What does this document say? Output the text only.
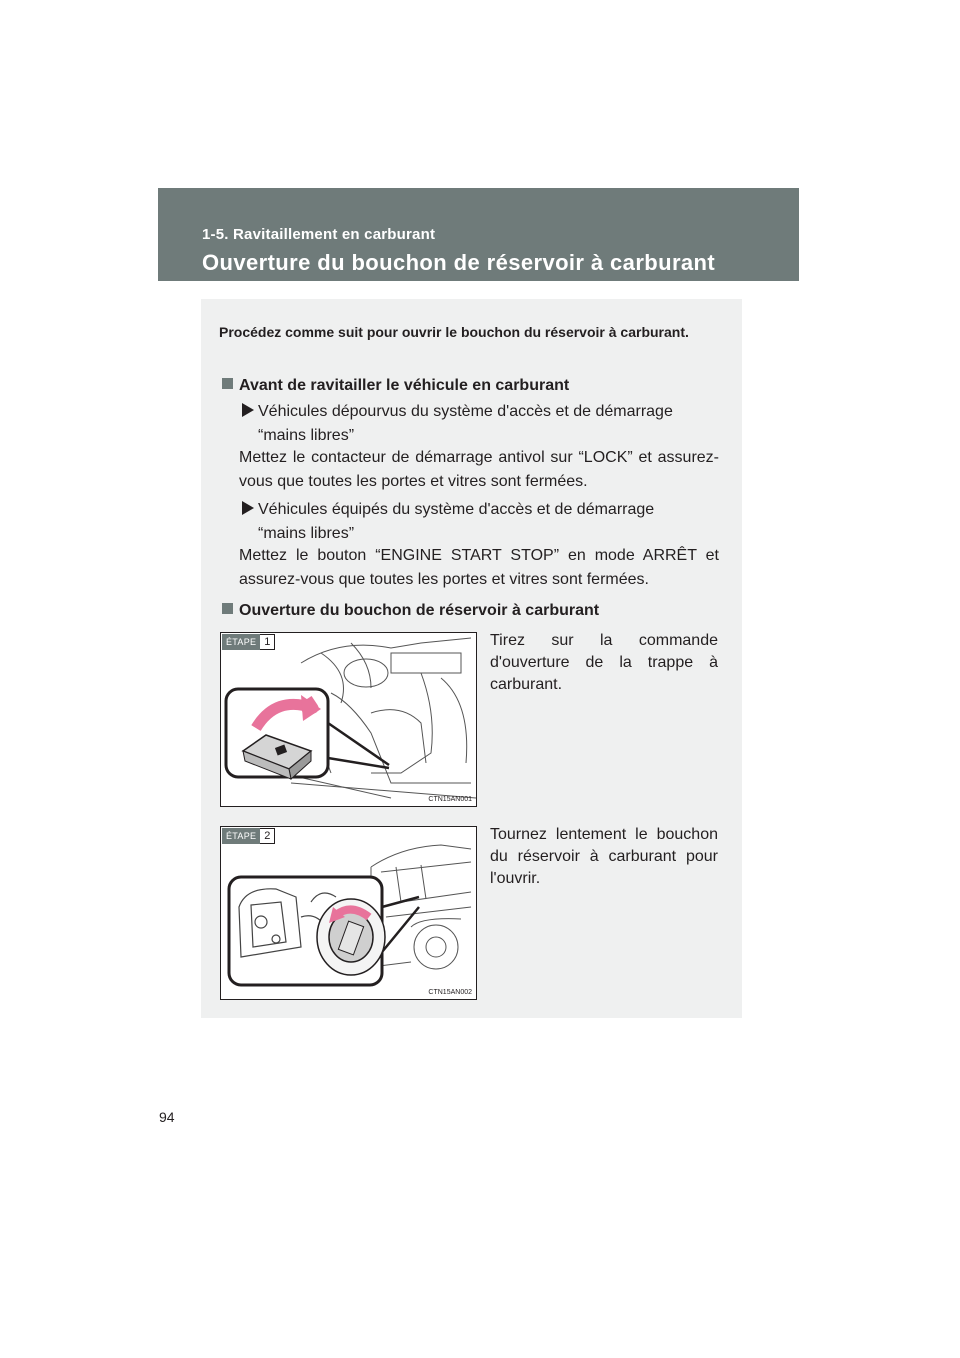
1-5. Ravitaillement en carburant
Ouverture du bouchon de réservoir à carburant

Procédez comme suit pour ouvrir le bouchon du réservoir à carburant.

Avant de ravitailler le véhicule en carburant
Véhicules dépourvus du système d'accès et de démarrage
“mains libres”

Mettez le contacteur de démarrage antivol sur “LOCK” et assurez-vous que toutes les portes et vitres sont fermées.

Véhicules équipés du système d'accès et de démarrage
“mains libres”

Mettez le bouton “ENGINE START STOP” en mode ARRÊT et assurez-vous que toutes les portes et vitres sont fermées.

Ouverture du bouchon de réservoir à carburant
ÉTAPE 1
CTN15AN001

Tirez sur la commande d'ouverture de la trappe à carburant.

ÉTAPE 2
CTN15AN002

Tournez lentement le bouchon du réservoir à carburant pour l'ouvrir.

94
